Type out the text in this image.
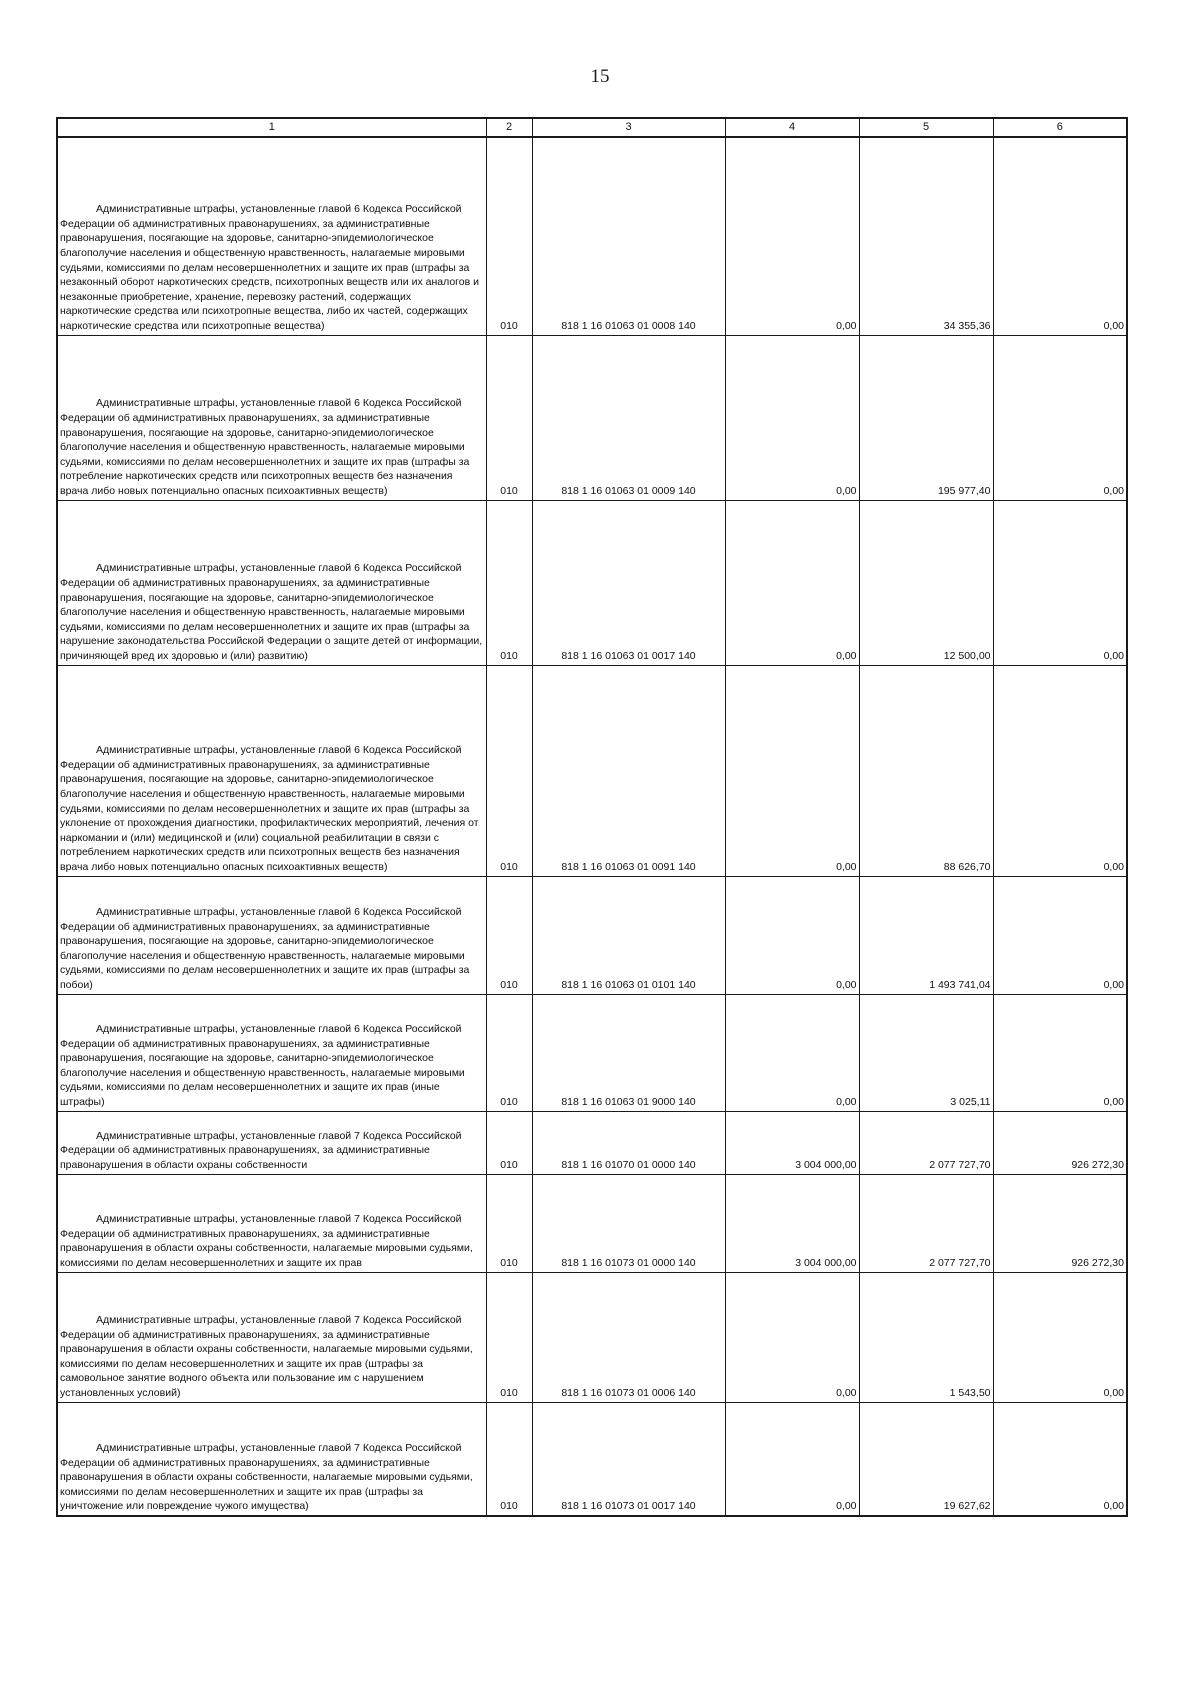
15
1	2	3	4	5	6

Административные штрафы, установленные главой 6 Кодекса Российской Федерации об административных правонарушениях, за административные правонарушения, посягающие на здоровье, санитарно-эпидемиологическое благополучие населения и общественную нравственность, налагаемые мировыми судьями, комиссиями по делам несовершеннолетних и защите их прав (штрафы за незаконный оборот наркотических средств, психотропных веществ или их аналогов и незаконные приобретение, хранение, перевозку растений, содержащих наркотические средства или психотропные вещества, либо их частей, содержащих наркотические средства или психотропные вещества)	010	818 1 16 01063 01 0008 140	0,00	34 355,36	0,00

Административные штрафы, установленные главой 6 Кодекса Российской Федерации об административных правонарушениях, за административные правонарушения, посягающие на здоровье, санитарно-эпидемиологическое благополучие населения и общественную нравственность, налагаемые мировыми судьями, комиссиями по делам несовершеннолетних и защите их прав (штрафы за потребление наркотических средств или психотропных веществ без назначения врача либо новых потенциально опасных психоактивных веществ)	010	818 1 16 01063 01 0009 140	0,00	195 977,40	0,00

Административные штрафы, установленные главой 6 Кодекса Российской Федерации об административных правонарушениях, за административные правонарушения, посягающие на здоровье, санитарно-эпидемиологическое благополучие населения и общественную нравственность, налагаемые мировыми судьями, комиссиями по делам несовершеннолетних и защите их прав (штрафы за нарушение законодательства Российской Федерации о защите детей от информации, причиняющей вред их здоровью и (или) развитию)	010	818 1 16 01063 01 0017 140	0,00	12 500,00	0,00

Административные штрафы, установленные главой 6 Кодекса Российской Федерации об административных правонарушениях, за административные правонарушения, посягающие на здоровье, санитарно-эпидемиологическое благополучие населения и общественную нравственность, налагаемые мировыми судьями, комиссиями по делам несовершеннолетних и защите их прав (штрафы за уклонение от прохождения диагностики, профилактических мероприятий, лечения от наркомании и (или) медицинской и (или) социальной реабилитации в связи с потреблением наркотических средств или психотропных веществ без назначения врача либо новых потенциально опасных психоактивных веществ)	010	818 1 16 01063 01 0091 140	0,00	88 626,70	0,00

Административные штрафы, установленные главой 6 Кодекса Российской Федерации об административных правонарушениях, за административные правонарушения, посягающие на здоровье, санитарно-эпидемиологическое благополучие населения и общественную нравственность, налагаемые мировыми судьями, комиссиями по делам несовершеннолетних и защите их прав (штрафы за побои)	010	818 1 16 01063 01 0101 140	0,00	1 493 741,04	0,00

Административные штрафы, установленные главой 6 Кодекса Российской Федерации об административных правонарушениях, за административные правонарушения, посягающие на здоровье, санитарно-эпидемиологическое благополучие населения и общественную нравственность, налагаемые мировыми судьями, комиссиями по делам несовершеннолетних и защите их прав (иные штрафы)	010	818 1 16 01063 01 9000 140	0,00	3 025,11	0,00

Административные штрафы, установленные главой 7 Кодекса Российской Федерации об административных правонарушениях, за административные правонарушения в области охраны собственности	010	818 1 16 01070 01 0000 140	3 004 000,00	2 077 727,70	926 272,30

Административные штрафы, установленные главой 7 Кодекса Российской Федерации об административных правонарушениях, за административные правонарушения в области охраны собственности, налагаемые мировыми судьями, комиссиями по делам несовершеннолетних и защите их прав	010	818 1 16 01073 01 0000 140	3 004 000,00	2 077 727,70	926 272,30

Административные штрафы, установленные главой 7 Кодекса Российской Федерации об административных правонарушениях, за административные правонарушения в области охраны собственности, налагаемые мировыми судьями, комиссиями по делам несовершеннолетних и защите их прав (штрафы за самовольное занятие водного объекта или пользование им с нарушением установленных условий)	010	818 1 16 01073 01 0006 140	0,00	1 543,50	0,00

Административные штрафы, установленные главой 7 Кодекса Российской Федерации об административных правонарушениях, за административные правонарушения в области охраны собственности, налагаемые мировыми судьями, комиссиями по делам несовершеннолетних и защите их прав (штрафы за уничтожение или повреждение чужого имущества)	010	818 1 16 01073 01 0017 140	0,00	19 627,62	0,00
